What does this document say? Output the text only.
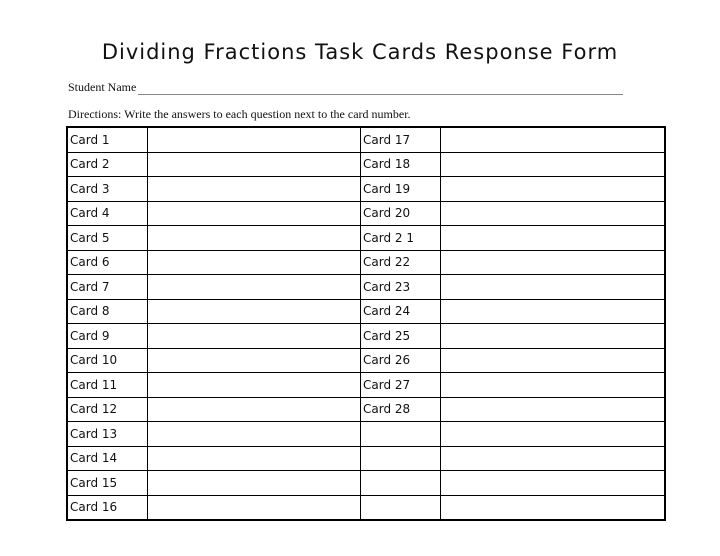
Dividing Fractions Task Cards Response Form
Student Name
Directions: Write the answers to each question next to the card number.
Card 1		Card 17	
Card 2		Card 18	
Card 3		Card 19	
Card 4		Card 20	
Card 5		Card 2 1	
Card 6		Card 22	
Card 7		Card 23	
Card 8		Card 24	
Card 9		Card 25	
Card 10		Card 26	
Card 11		Card 27	
Card 12		Card 28	
Card 13			
Card 14			
Card 15			
Card 16			
